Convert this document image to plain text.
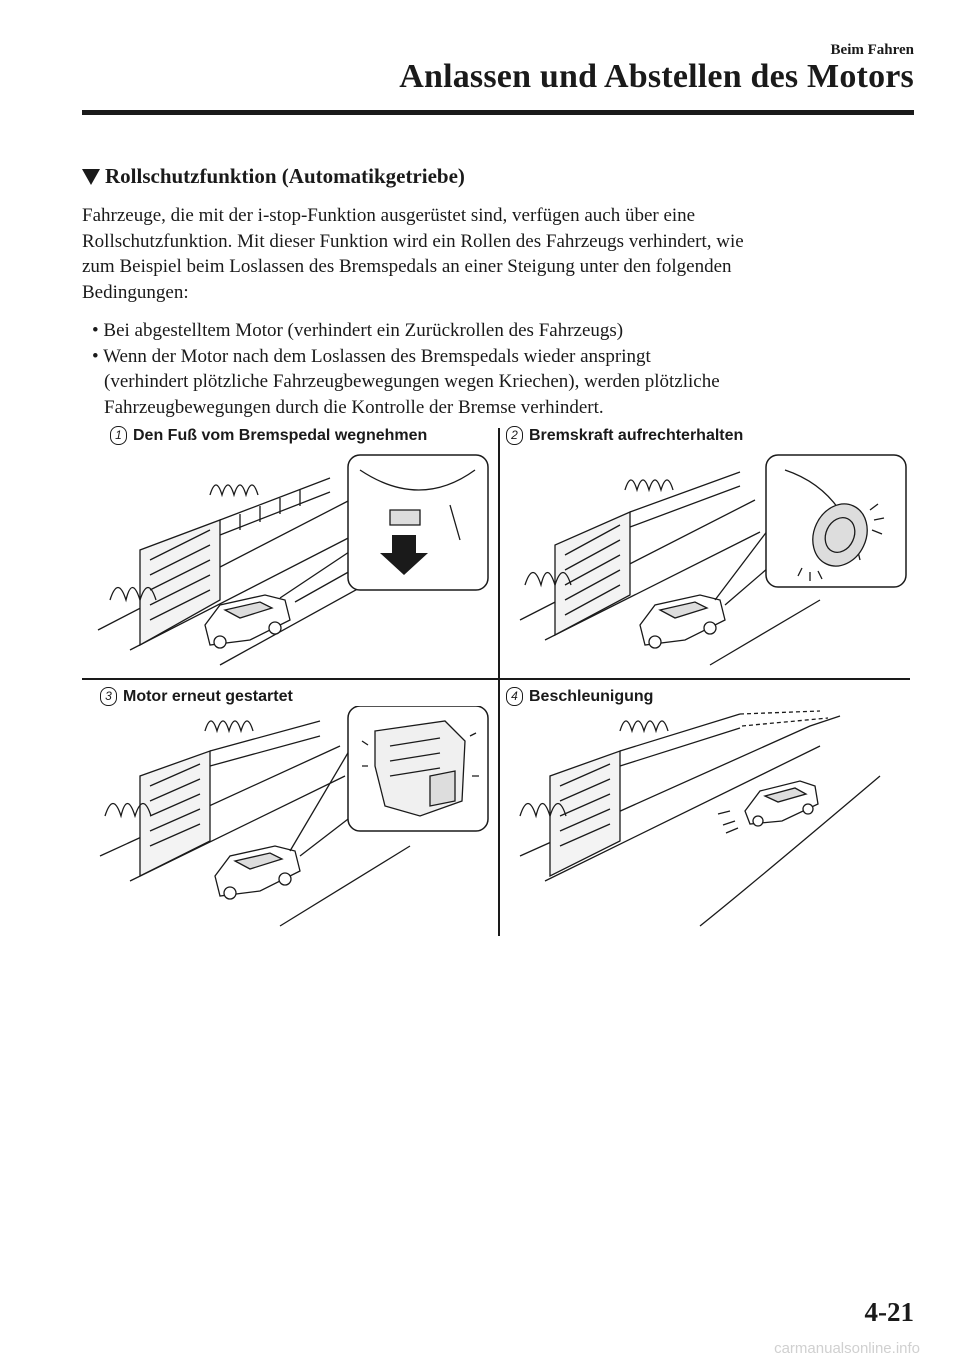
Beim Fahren
Anlassen und Abstellen des Motors
Rollschutzfunktion (Automatikgetriebe)

Fahrzeuge, die mit der i-stop-Funktion ausgerüstet sind, verfügen auch über eine

Rollschutzfunktion. Mit dieser Funktion wird ein Rollen des Fahrzeugs verhindert, wie

zum Beispiel beim Loslassen des Bremspedals an einer Steigung unter den folgenden

Bedingungen:

• Bei abgestelltem Motor (verhindert ein Zurückrollen des Fahrzeugs)
• Wenn der Motor nach dem Loslassen des Bremspedals wieder anspringt
(verhindert plötzliche Fahrzeugbewegungen wegen Kriechen), werden plötzliche
Fahrzeugbewegungen durch die Kontrolle der Bremse verhindert.
1 Den Fuß vom Bremspedal wegnehmen	2 Bremskraft aufrechterhalten
3 Motor erneut gestartet	4 Beschleunigung
4-21
carmanualsonline.info
